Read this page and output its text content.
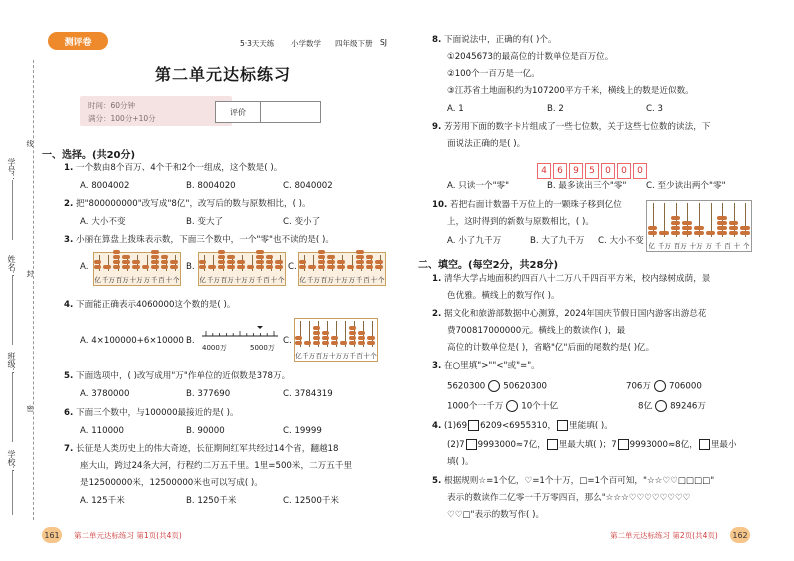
学号：
姓名：
班级：
学校：
线
封
密
测评卷	5·3天天练 小学数学 四年级下册 SJ
第二单元达标练习
时间：60分钟
满分：100分+10分
评价
一、选择。(共20分)
1. 一个数由8个百万、4个千和2个一组成，这个数是( )。
A. 8004002	B. 8004020	C. 8040002
2. 把"800000000"改写成"8亿"，改写后的数与原数相比，( )。
A. 大小不变	B. 变大了	C. 变小了
3. 小丽在算盘上拨珠表示数，下面三个数中，一个"零"也不读的是( )。
A.
亿 千万 百万 十万 万 千 百 十 个
B.
亿 千万 百万 十万 万 千 百 十 个
C.
亿 千万 百万 十万 万 千 百 十 个
4. 下面能正确表示4060000这个数的是( )。
A. 4×100000+6×10000 B.
4000万	5000万
C.
亿 千万 百万 十万 万 千 百 十 个
5. 下面选项中，( )改写成用"万"作单位的近似数是378万。
A. 3780000	B. 377690	C. 3784319
6. 下面三个数中，与100000最接近的是( )。
A. 110000	B. 90000	C. 19999
7. 长征是人类历史上的伟大奇迹，长征期间红军共经过14个省，翻越18
座大山，跨过24条大河，行程约二万五千里。1里=500米，二万五千里
是12500000米，12500000米也可以写成( )。
A. 125千米	B. 1250千米	C. 12500千米
161	第二单元达标练习 第1页(共4页)
8. 下面说法中，正确的有( )个。
①2045673的最高位的计数单位是百万位。
②100个一百万是一亿。
③江苏省土地面积约为107200平方千米，横线上的数是近似数。
A. 1	B. 2	C. 3
9. 芳芳用下面的数字卡片组成了一些七位数，关于这些七位数的读法，下
面说法正确的是( )。
4 6 9 5 0 0 0
A. 只读一个"零"	B. 最多读出三个"零" C. 至少读出两个"零"
10. 若把右面计数器千万位上的一颗珠子移到亿位
上，这时得到的新数与原数相比，( )。
A. 小了九千万	B. 大了九千万 C. 大小不变 亿 千万 百万 十万 万 千 百 十 个
二、填空。(每空2分，共28分)
1. 清华大学占地面积约四百八十二万八千四百平方米，校内绿树成荫，景
色优雅。横线上的数写作( )。
2. 据文化和旅游部数据中心测算，2024年国庆节假日国内游客出游总花
费700817000000元。横线上的数读作( )，最
高位的计数单位是( )，省略"亿"后面的尾数约是( )亿。
3. 在○里填">""<"或"="。
5620300 50620300	706万 706000
1000个一千万 10个十亿	8亿 89246万
4. (1)69 6209<6955310， 里能填( )。
(2)7 9993000≈7亿， 里最大填( )；7 9993000≈8亿， 里最小
填( )。
5. 根据规则☆=1个亿，♡=1个十万，□=1个百可知，"☆☆♡♡□□□□"
表示的数读作二亿零一千万零四百，那么"☆☆☆♡♡♡♡♡♡♡♡
♡♡□"表示的数写作( )。
第二单元达标练习 第2页(共4页) 162
